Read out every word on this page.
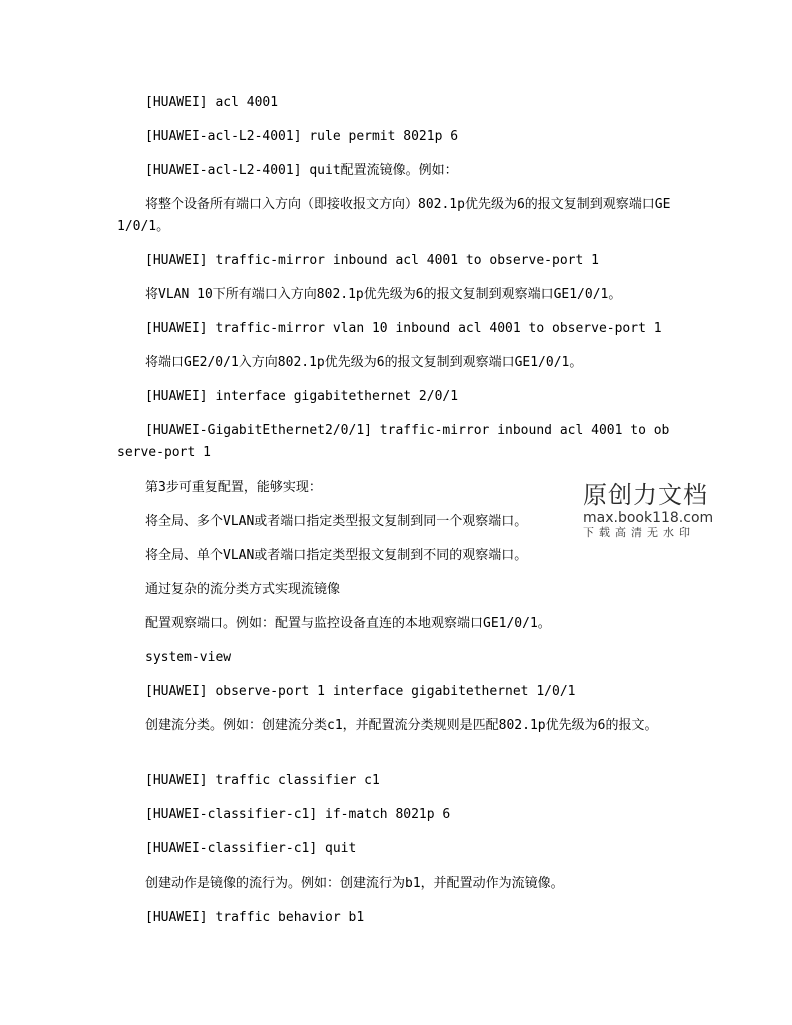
[HUAWEI] acl 4001
[HUAWEI-acl-L2-4001] rule permit 8021p 6
[HUAWEI-acl-L2-4001] quit配置流镜像。例如：
将整个设备所有端口入方向（即接收报文方向）802.1p优先级为6的报文复制到观察端口GE1/0/1。
[HUAWEI] traffic-mirror inbound acl 4001 to observe-port 1
将VLAN 10下所有端口入方向802.1p优先级为6的报文复制到观察端口GE1/0/1。
[HUAWEI] traffic-mirror vlan 10 inbound acl 4001 to observe-port 1
将端口GE2/0/1入方向802.1p优先级为6的报文复制到观察端口GE1/0/1。
[HUAWEI] interface gigabitethernet 2/0/1
[HUAWEI-GigabitEthernet2/0/1] traffic-mirror inbound acl 4001 to observe-port 1
第3步可重复配置，能够实现：
将全局、多个VLAN或者端口指定类型报文复制到同一个观察端口。
将全局、单个VLAN或者端口指定类型报文复制到不同的观察端口。
通过复杂的流分类方式实现流镜像
配置观察端口。例如：配置与监控设备直连的本地观察端口GE1/0/1。
system-view
[HUAWEI] observe-port 1 interface gigabitethernet 1/0/1
创建流分类。例如：创建流分类c1，并配置流分类规则是匹配802.1p优先级为6的报文。
[HUAWEI] traffic classifier c1
[HUAWEI-classifier-c1] if-match 8021p 6
[HUAWEI-classifier-c1] quit
创建动作是镜像的流行为。例如：创建流行为b1，并配置动作为流镜像。
[HUAWEI] traffic behavior b1
原创力文档
max.book118.com
下载高清无水印
